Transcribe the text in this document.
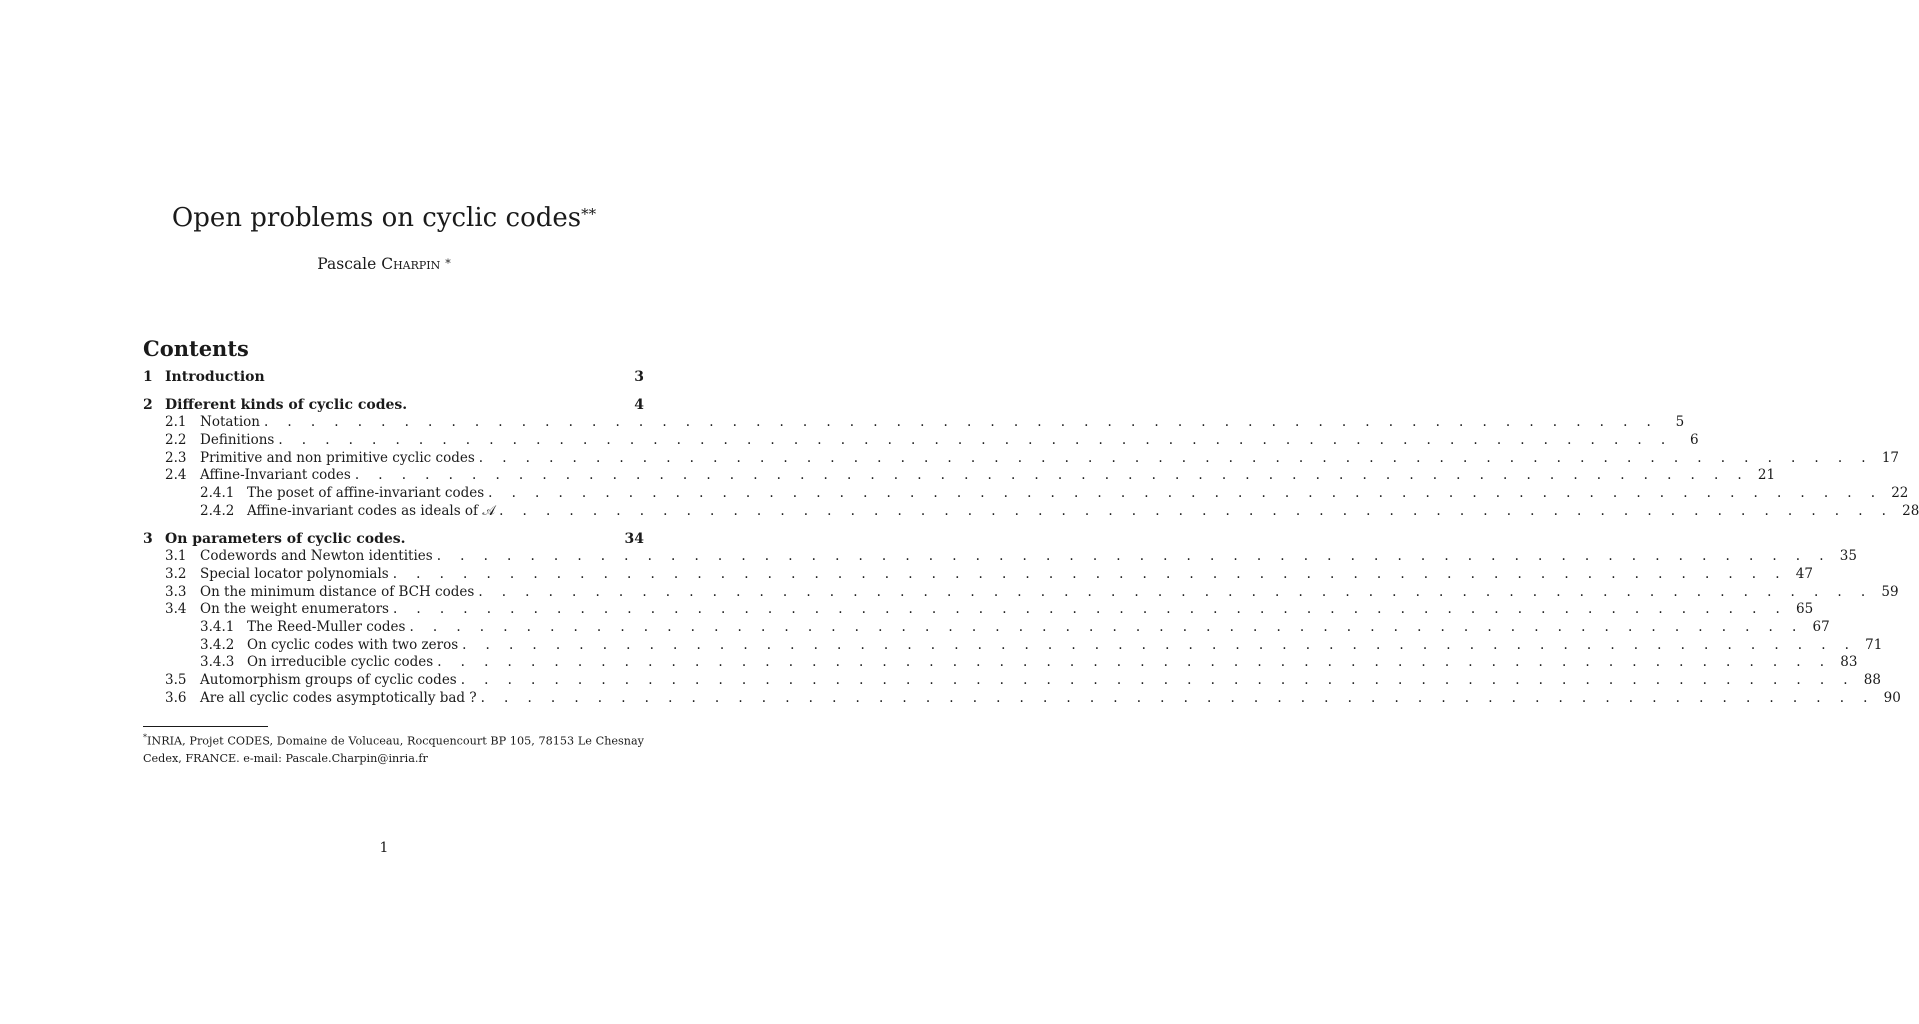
Open problems on cyclic codes**
Pascale Charpin *
Contents
1 Introduction	3
2 Different kinds of cyclic codes.	4
2.1	Notation . . . . . . . . . . . . . . . . . . . . . . . . . . . . . . . . . . . . . . . . . . . . . . . . . . . . . . . . . . . .	5
2.2	Definitions . . . . . . . . . . . . . . . . . . . . . . . . . . . . . . . . . . . . . . . . . . . . . . . . . . . . . . . . . . . .	6
2.3	Primitive and non primitive cyclic codes . . . . . . . . . . . . . . . . . . . . . . . . . . . . . . . . . . . . . . . . . . . . . . . . . . . . . . . . . . . . 17
2.4	Affine-Invariant codes . . . . . . . . . . . . . . . . . . . . . . . . . . . . . . . . . . . . . . . . . . . . . . . . . . . . . . . . . . . . 21
2.4.1 The poset of affine-invariant codes . . . . . . . . . . . . . . . . . . . . . . . . . . . . . . . . . . . . . . . . . . . . . . . . . . . . . . . . . . . . 22
2.4.2 Affine-invariant codes as ideals of 𝒜 . . . . . . . . . . . . . . . . . . . . . . . . . . . . . . . . . . . . . . . . . . . . . . . . . . . . . . . . . . . . 28
3 On parameters of cyclic codes.	34
3.1	Codewords and Newton identities . . . . . . . . . . . . . . . . . . . . . . . . . . . . . . . . . . . . . . . . . . . . . . . . . . . . . . . . . . . . 35
3.2	Special locator polynomials . . . . . . . . . . . . . . . . . . . . . . . . . . . . . . . . . . . . . . . . . . . . . . . . . . . . . . . . . . . . 47
3.3	On the minimum distance of BCH codes . . . . . . . . . . . . . . . . . . . . . . . . . . . . . . . . . . . . . . . . . . . . . . . . . . . . . . . . . . . . 59
3.4	On the weight enumerators . . . . . . . . . . . . . . . . . . . . . . . . . . . . . . . . . . . . . . . . . . . . . . . . . . . . . . . . . . . . 65
3.4.1 The Reed-Muller codes . . . . . . . . . . . . . . . . . . . . . . . . . . . . . . . . . . . . . . . . . . . . . . . . . . . . . . . . . . . . 67
3.4.2 On cyclic codes with two zeros . . . . . . . . . . . . . . . . . . . . . . . . . . . . . . . . . . . . . . . . . . . . . . . . . . . . . . . . . . . . 71
3.4.3 On irreducible cyclic codes . . . . . . . . . . . . . . . . . . . . . . . . . . . . . . . . . . . . . . . . . . . . . . . . . . . . . . . . . . . . 83
3.5	Automorphism groups of cyclic codes . . . . . . . . . . . . . . . . . . . . . . . . . . . . . . . . . . . . . . . . . . . . . . . . . . . . . . . . . . . . 88
3.6	Are all cyclic codes asymptotically bad ? . . . . . . . . . . . . . . . . . . . . . . . . . . . . . . . . . . . . . . . . . . . . . . . . . . . . . . . . . . . . 90
*INRIA, Projet CODES, Domaine de Voluceau, Rocquencourt BP 105, 78153 Le Chesnay Cedex, FRANCE. e-mail: Pascale.Charpin@inria.fr
1
